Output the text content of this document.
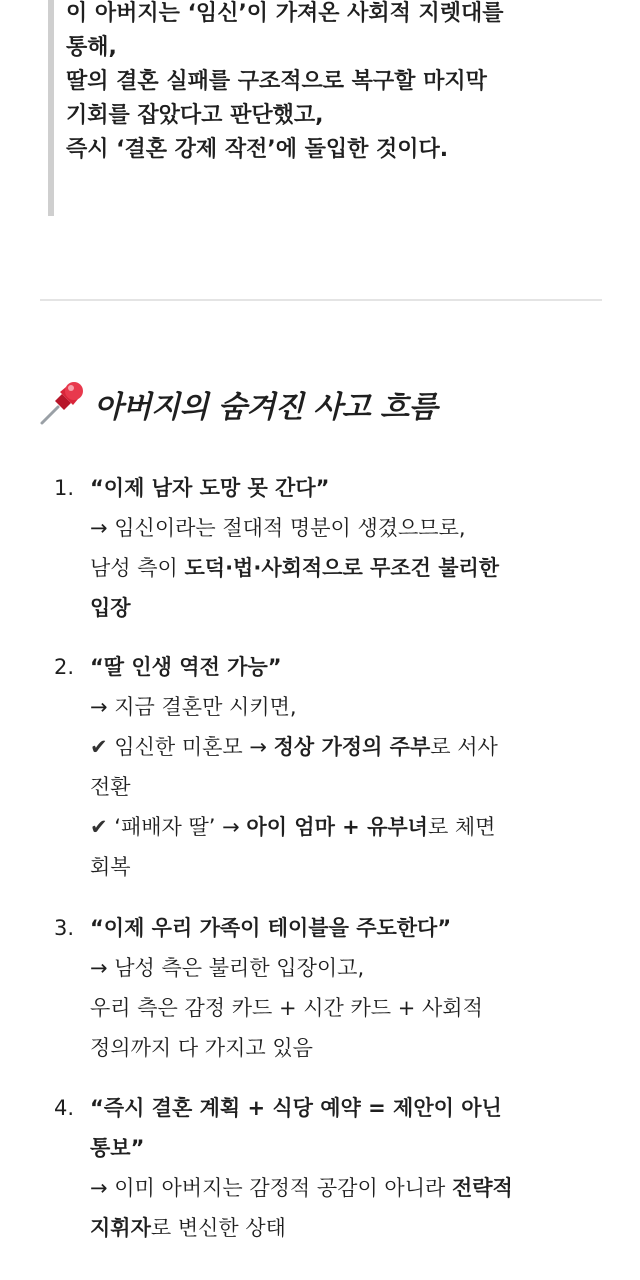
이 아버지는 ‘임신’이 가져온 사회적 지렛대를
통해,
딸의 결혼 실패를 구조적으로 복구할 마지막
기회를 잡았다고 판단했고,
즉시 ‘결혼 강제 작전’에 돌입한 것이다.
아버지의 숨겨진 사고 흐름
1. “이제 남자 도망 못 간다”
→ 임신이라는 절대적 명분이 생겼으므로,
남성 측이 도덕·법·사회적으로 무조건 불리한
입장
2. “딸 인생 역전 가능”
→ 지금 결혼만 시키면,
✔ 임신한 미혼모 → 정상 가정의 주부로 서사
전환
✔ ‘패배자 딸’ → 아이 엄마 + 유부녀로 체면
회복
3. “이제 우리 가족이 테이블을 주도한다”
→ 남성 측은 불리한 입장이고,
우리 측은 감정 카드 + 시간 카드 + 사회적
정의까지 다 가지고 있음
4. “즉시 결혼 계획 + 식당 예약 = 제안이 아닌
통보”
→ 이미 아버지는 감정적 공감이 아니라 전략적
지휘자로 변신한 상태
